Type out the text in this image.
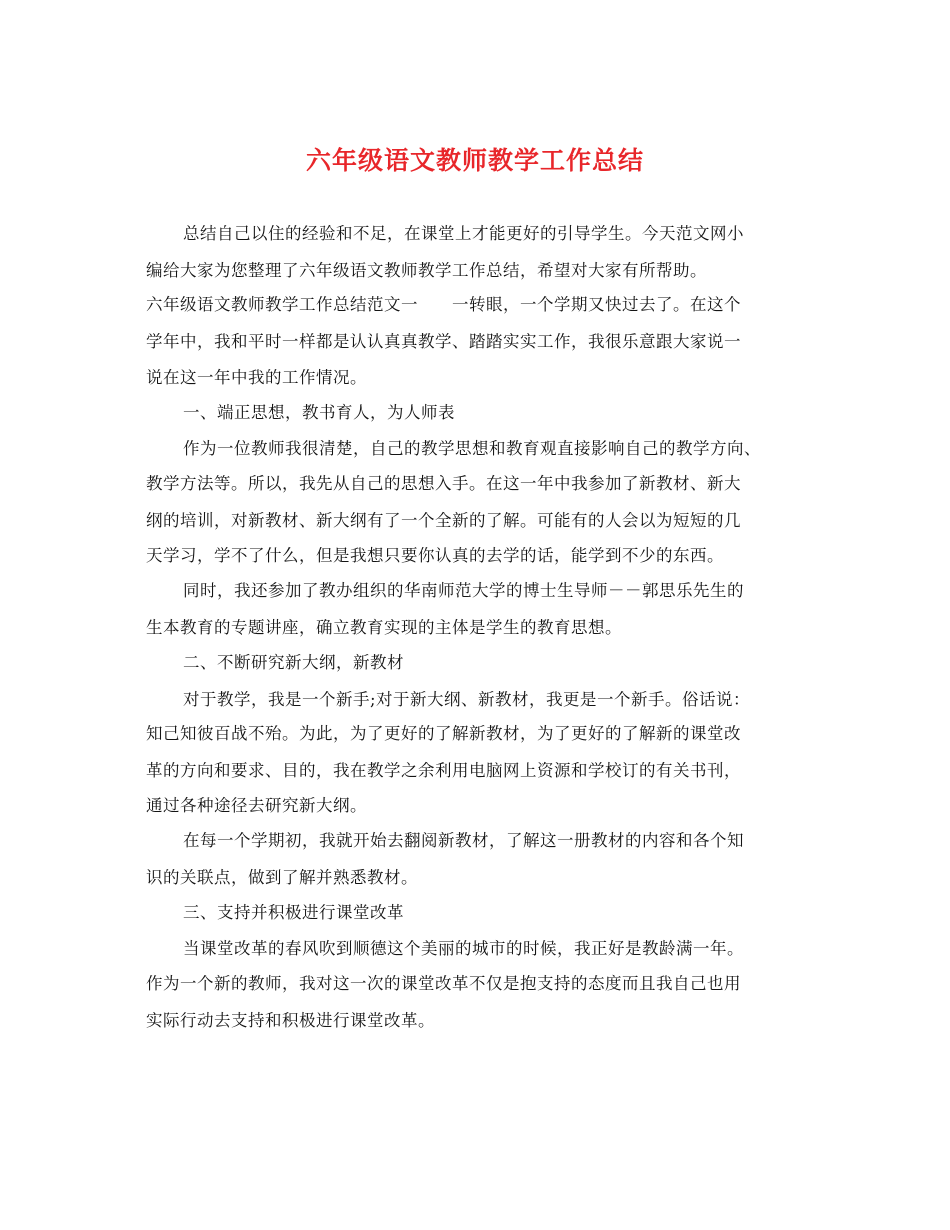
六年级语文教师教学工作总结
总结自己以住的经验和不足，在课堂上才能更好的引导学生。今天范文网小
编给大家为您整理了六年级语文教师教学工作总结，希望对大家有所帮助。
六年级语文教师教学工作总结范文一　　一转眼，一个学期又快过去了。在这个
学年中，我和平时一样都是认认真真教学、踏踏实实工作，我很乐意跟大家说一
说在这一年中我的工作情况。
一、端正思想，教书育人，为人师表
作为一位教师我很清楚，自己的教学思想和教育观直接影响自己的教学方向、
教学方法等。所以，我先从自己的思想入手。在这一年中我参加了新教材、新大
纲的培训，对新教材、新大纲有了一个全新的了解。可能有的人会以为短短的几
天学习，学不了什么，但是我想只要你认真的去学的话，能学到不少的东西。
同时，我还参加了教办组织的华南师范大学的博士生导师－－郭思乐先生的
生本教育的专题讲座，确立教育实现的主体是学生的教育思想。
二、不断研究新大纲，新教材
对于教学，我是一个新手;对于新大纲、新教材，我更是一个新手。俗话说：
知己知彼百战不殆。为此，为了更好的了解新教材，为了更好的了解新的课堂改
革的方向和要求、目的，我在教学之余利用电脑网上资源和学校订的有关书刊，
通过各种途径去研究新大纲。
在每一个学期初，我就开始去翻阅新教材，了解这一册教材的内容和各个知
识的关联点，做到了解并熟悉教材。
三、支持并积极进行课堂改革
当课堂改革的春风吹到顺德这个美丽的城市的时候，我正好是教龄满一年。
作为一个新的教师，我对这一次的课堂改革不仅是抱支持的态度而且我自己也用
实际行动去支持和积极进行课堂改革。
